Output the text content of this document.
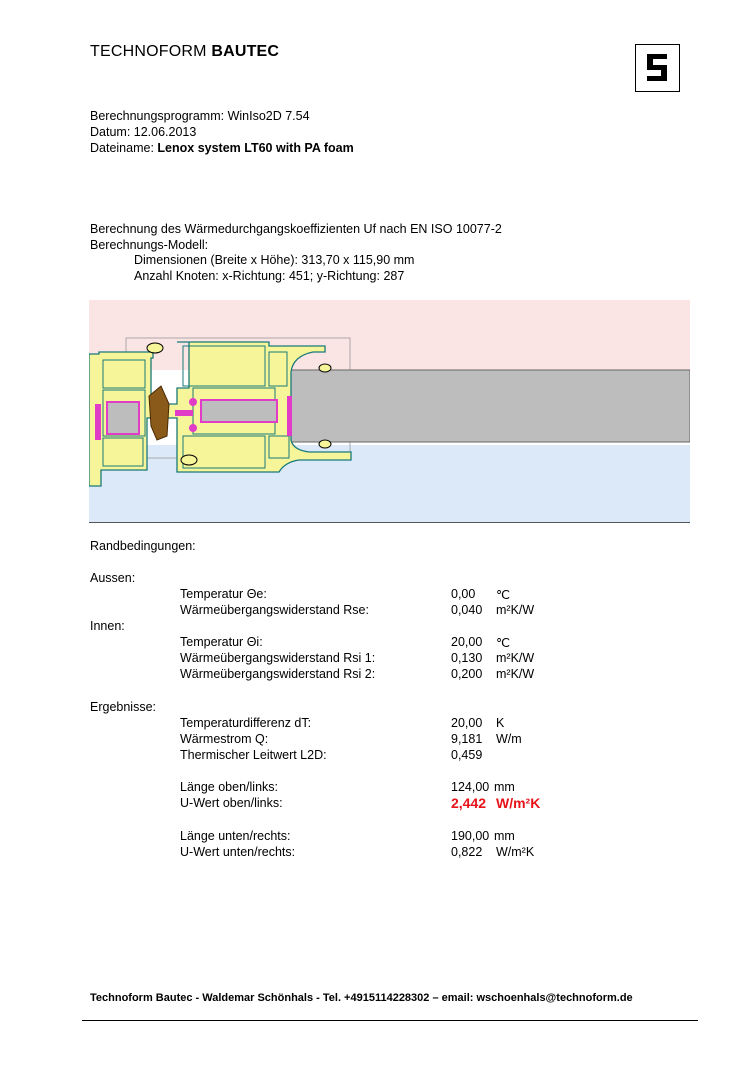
TECHNOFORM BAUTEC
Berechnungsprogramm: WinIso2D 7.54
Datum: 12.06.2013
Dateiname: Lenox system LT60 with PA foam
Berechnung des Wärmedurchgangskoeffizienten Uf nach EN ISO 10077-2
Berechnungs-Modell:
Dimensionen (Breite x Höhe): 313,70 x 115,90 mm
Anzahl Knoten: x-Richtung: 451; y-Richtung: 287
Randbedingungen:
Aussen:
Temperatur Θe:	0,00 ℃
Wärmeübergangswiderstand Rse:	0,040 m²K/W
Innen:
Temperatur Θi:	20,00 ℃
Wärmeübergangswiderstand Rsi 1:	0,130 m²K/W
Wärmeübergangswiderstand Rsi 2:	0,200 m²K/W
Ergebnisse:
Temperaturdifferenz dT:	20,00 K
Wärmestrom Q:	9,181 W/m
Thermischer Leitwert L2D:	0,459
Länge oben/links:	124,00 mm
U-Wert oben/links:	2,442 W/m²K
Länge unten/rechts:	190,00 mm
U-Wert unten/rechts:	0,822 W/m²K
Technoform Bautec - Waldemar Schönhals - Tel. +4915114228302 – email: wschoenhals@technoform.de
